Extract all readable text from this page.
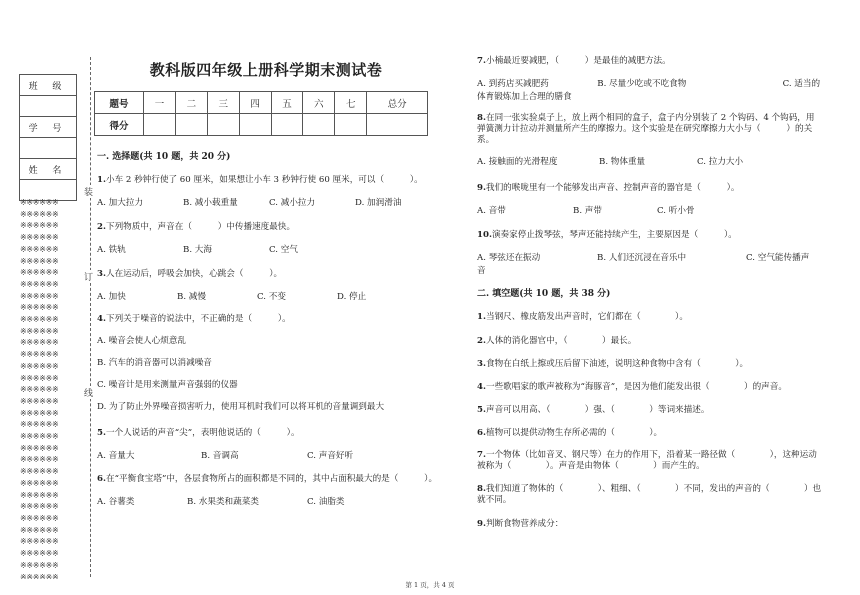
班 级

学 号

姓 名

※※※※※※
※※※※※※
※※※※※※
※※※※※※
※※※※※※
※※※※※※
※※※※※※
※※※※※※
※※※※※※
※※※※※※
※※※※※※
※※※※※※
※※※※※※
※※※※※※
※※※※※※
※※※※※※
※※※※※※
※※※※※※
※※※※※※
※※※※※※
※※※※※※
※※※※※※
※※※※※※
※※※※※※
※※※※※※
※※※※※※
※※※※※※
※※※※※※
※※※※※※
※※※※※※
※※※※※※
※※※※※※
※※※※※※
装
订
线
教科版四年级上册科学期末测试卷
题号	一	二	三	四	五	六	七	总分
得分								
一. 选择题(共 10 题，共 20 分)
1.小车 2 秒钟行使了 60 厘米，如果想让小车 3 秒钟行使 60 厘米，可以（　　　）。
A. 加大拉力	B. 减小载重量	C. 减小拉力	D. 加润滑油
2.下列物质中，声音在（　　　）中传播速度最快。
A. 铁轨	B. 大海	C. 空气
3.人在运动后，呼吸会加快，心跳会（　　　）。
A. 加快	B. 减慢	C. 不变	D. 停止
4.下列关于噪音的说法中，不正确的是（　　　）。
A. 噪音会使人心烦意乱
B. 汽车的消音器可以消减噪音
C. 噪音计是用来测量声音强弱的仪器
D. 为了防止外界噪音损害听力，使用耳机时我们可以将耳机的音量调到最大
5.一个人说话的声音“尖”，表明他说话的（　　　）。
A. 音量大	B. 音调高	C. 声音好听
6.在“平衡食宝塔”中，各层食物所占的面积都是不同的，其中占面积最大的是（　　　）。
A. 谷薯类	B. 水果类和蔬菜类	C. 油脂类
7.小楠最近要减肥，（　　　）是最佳的减肥方法。
A. 到药店买减肥药	B. 尽量少吃或不吃食物	C. 适当的
体育锻炼加上合理的膳食
8.在同一张实验桌子上，放上两个相同的盒子，盒子内分别装了 2 个钩码、4 个钩码，用弹簧测力计拉动并测量所产生的摩擦力。这个实验是在研究摩擦力大小与（　　　）的关系。
A. 接触面的光滑程度	B. 物体重量	C. 拉力大小
9.我们的喉咙里有一个能够发出声音、控制声音的器官是（　　　）。
A. 音带	B. 声带	C. 听小骨
10.演奏家停止拨琴弦，琴声还能持续产生，主要原因是（　　　）。
A. 琴弦还在振动	B. 人们还沉浸在音乐中	C. 空气能传播声
音
二. 填空题(共 10 题，共 38 分)
1.当钢尺、橡皮筋发出声音时，它们都在（　　　　）。
2.人体的消化器官中，（　　　　）最长。
3.食物在白纸上擦或压后留下油迹，说明这种食物中含有（　　　　）。
4.一些歌唱家的歌声被称为“海豚音”，是因为他们能发出很（　　　　）的声音。
5.声音可以用高、（　　　　）强、（　　　　）等词来描述。
6.植物可以提供动物生存所必需的（　　　　）。
7.一个物体（比如音叉、钢尺等）在力的作用下，沿着某一路径做（　　　　），这种运动被称为（　　　　）。声音是由物体（　　　　）而产生的。
8.我们知道了物体的（　　　　）、粗细、（　　　　）不同，发出的声音的（　　　　）也就不同。
9.判断食物营养成分：
第 1 页，共 4 页
